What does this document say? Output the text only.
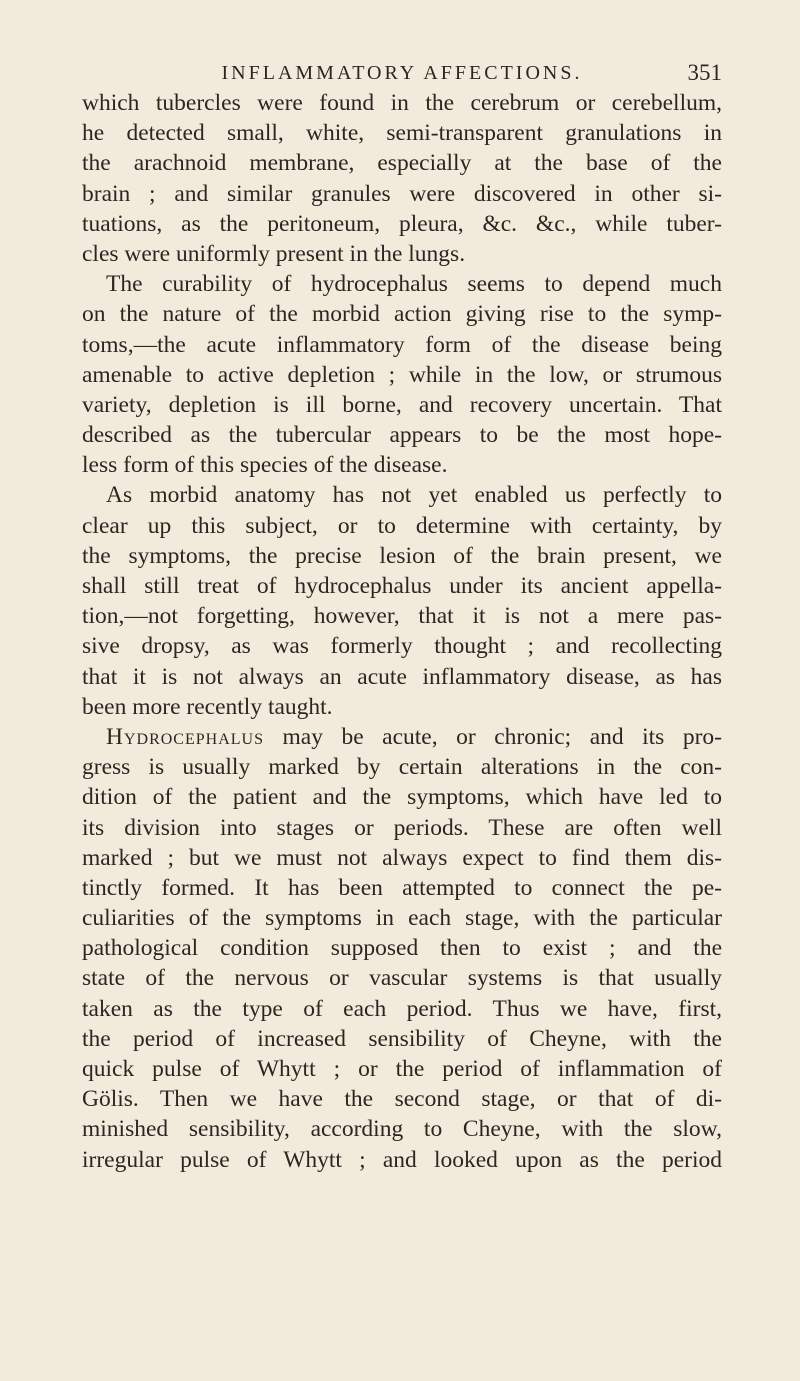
INFLAMMATORY AFFECTIONS.	351
which tubercles were found in the cerebrum or cerebellum,
he detected small, white, semi-transparent granulations in
the arachnoid membrane, especially at the base of the
brain ; and similar granules were discovered in other si-
tuations, as the peritoneum, pleura, &c. &c., while tuber-
cles were uniformly present in the lungs.
The curability of hydrocephalus seems to depend much
on the nature of the morbid action giving rise to the symp-
toms,—the acute inflammatory form of the disease being
amenable to active depletion ; while in the low, or strumous
variety, depletion is ill borne, and recovery uncertain. That
described as the tubercular appears to be the most hope-
less form of this species of the disease.
As morbid anatomy has not yet enabled us perfectly to
clear up this subject, or to determine with certainty, by
the symptoms, the precise lesion of the brain present, we
shall still treat of hydrocephalus under its ancient appella-
tion,—not forgetting, however, that it is not a mere pas-
sive dropsy, as was formerly thought ; and recollecting
that it is not always an acute inflammatory disease, as has
been more recently taught.
Hydrocephalus may be acute, or chronic; and its pro-
gress is usually marked by certain alterations in the con-
dition of the patient and the symptoms, which have led to
its division into stages or periods. These are often well
marked ; but we must not always expect to find them dis-
tinctly formed. It has been attempted to connect the pe-
culiarities of the symptoms in each stage, with the particular
pathological condition supposed then to exist ; and the
state of the nervous or vascular systems is that usually
taken as the type of each period. Thus we have, first,
the period of increased sensibility of Cheyne, with the
quick pulse of Whytt ; or the period of inflammation of
Gölis. Then we have the second stage, or that of di-
minished sensibility, according to Cheyne, with the slow,
irregular pulse of Whytt ; and looked upon as the period
